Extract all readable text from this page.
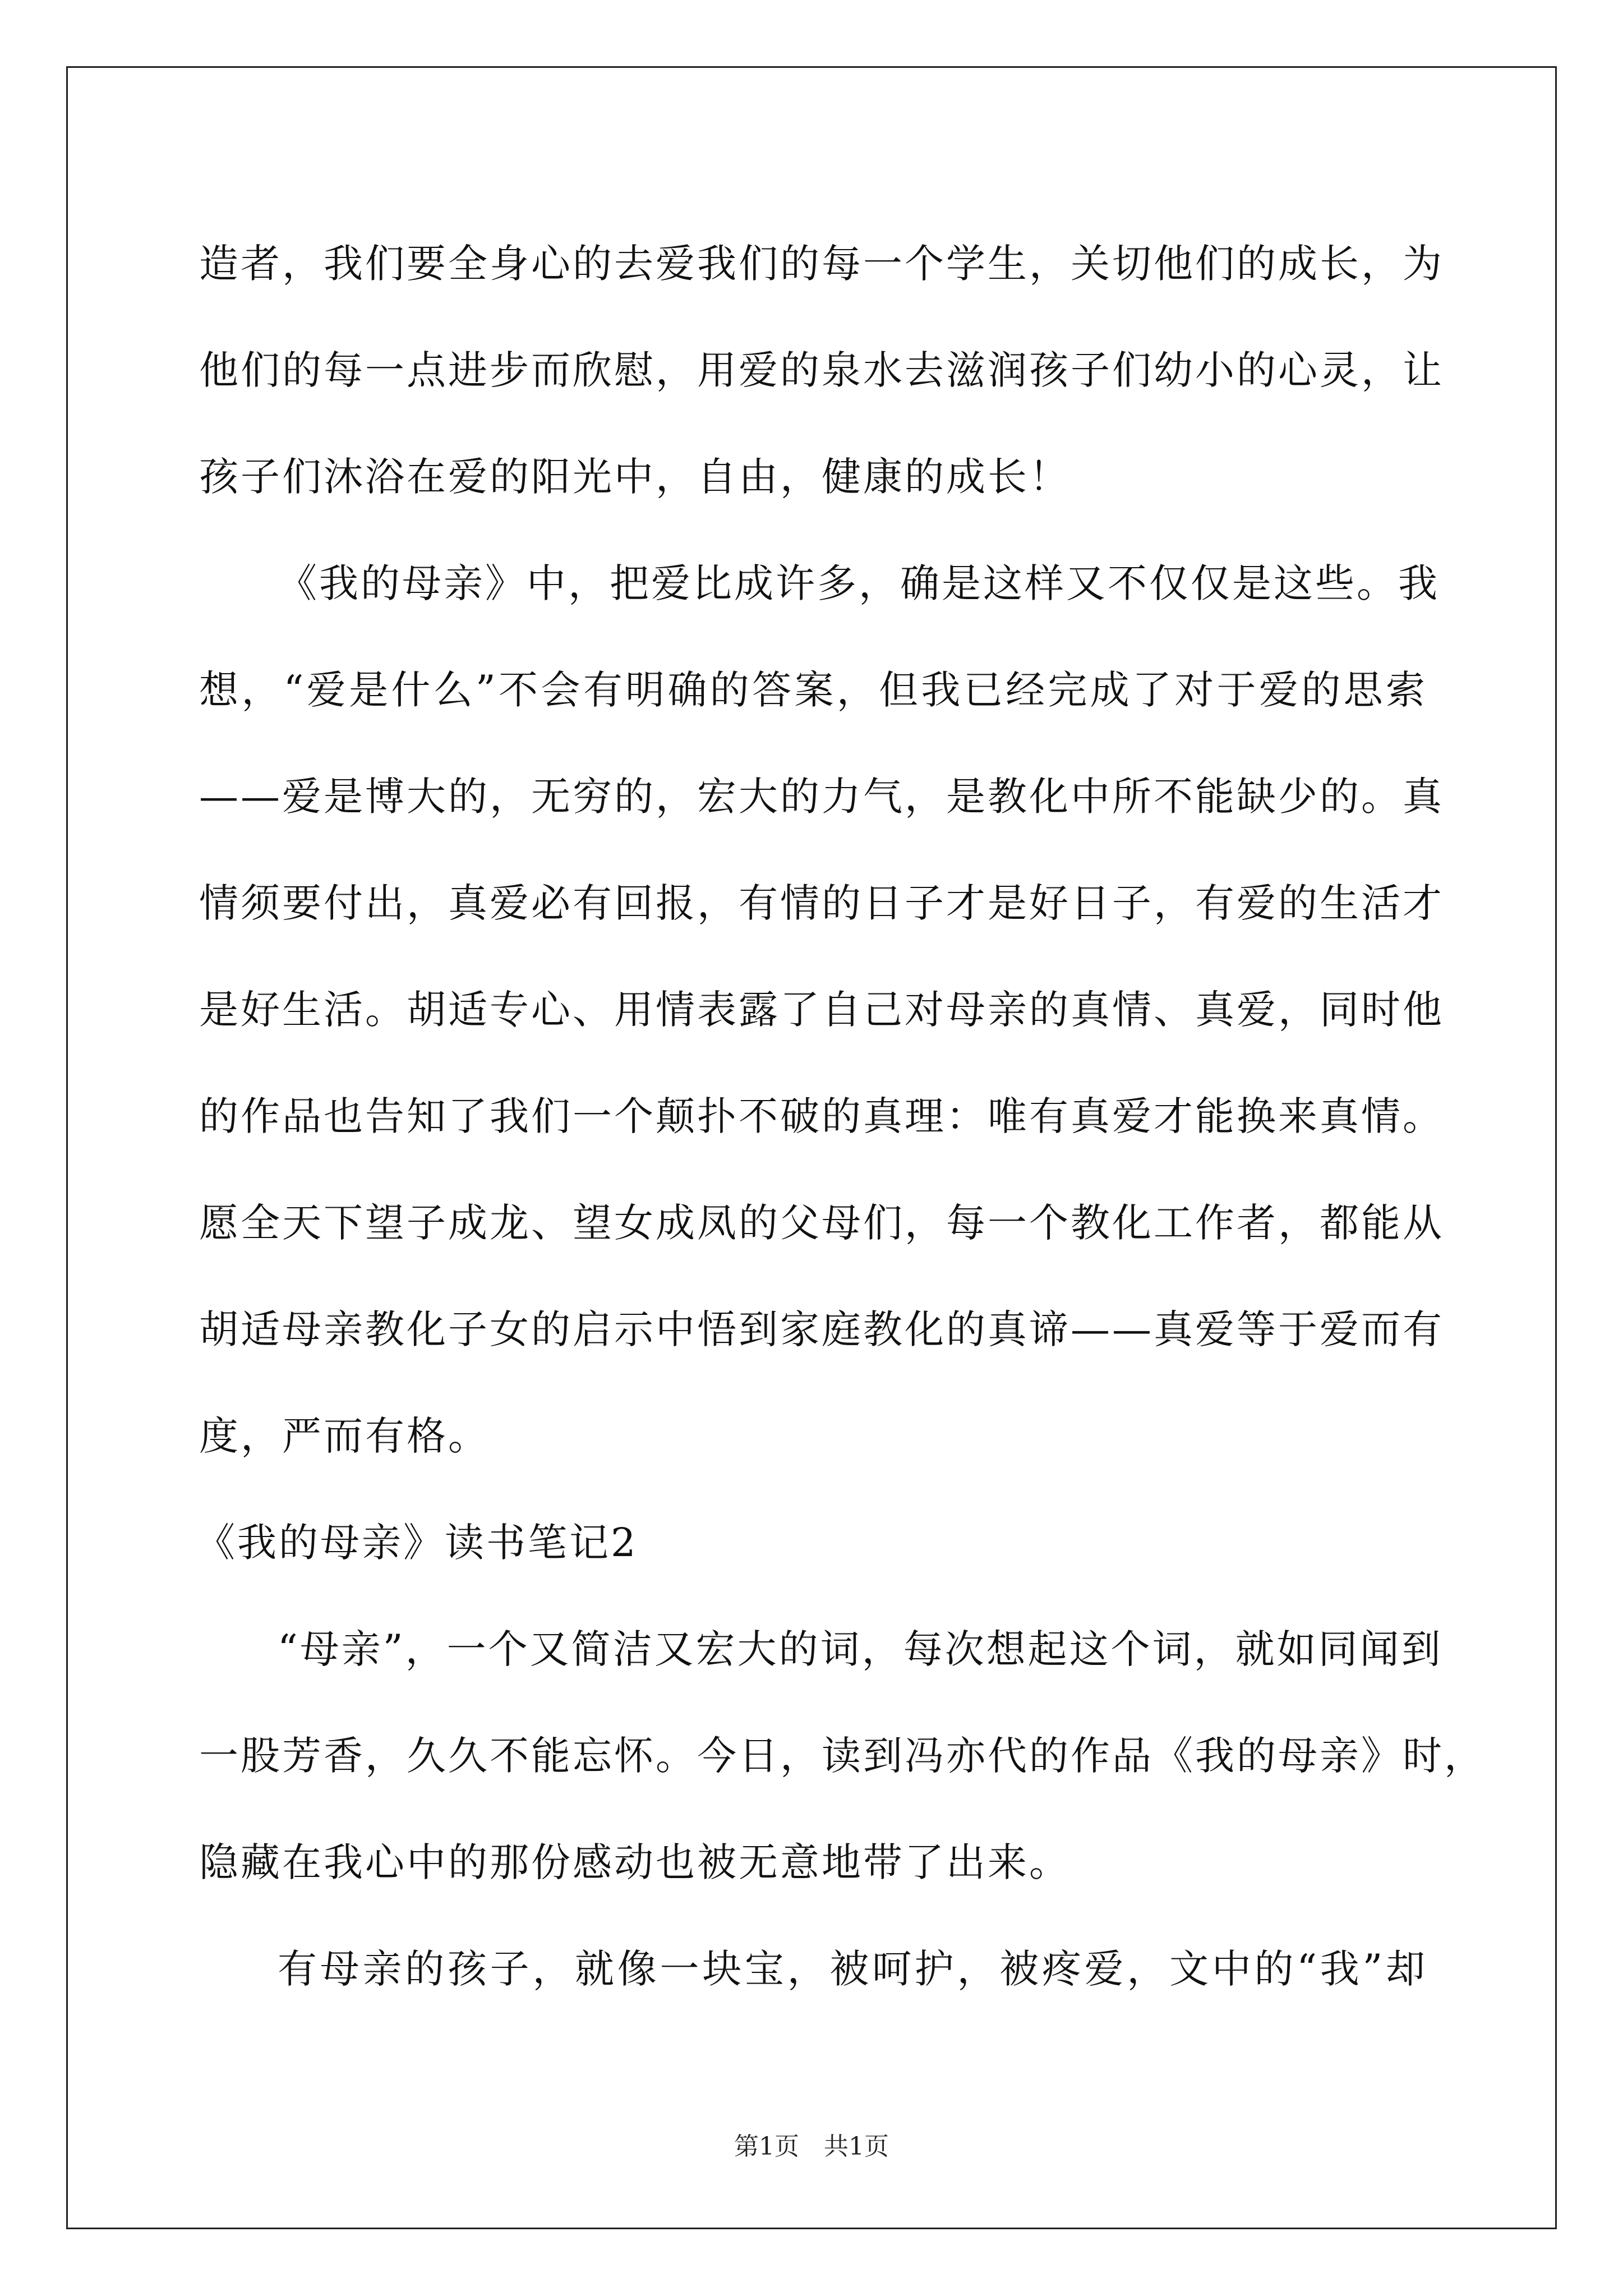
造者，我们要全身心的去爱我们的每一个学生，关切他们的成长，为
他们的每一点进步而欣慰，用爱的泉水去滋润孩子们幼小的心灵，让
孩子们沐浴在爱的阳光中，自由，健康的成长！
《我的母亲》中，把爱比成许多，确是这样又不仅仅是这些。我
想，“爱是什么”不会有明确的答案，但我已经完成了对于爱的思索
——爱是博大的，无穷的，宏大的力气，是教化中所不能缺少的。真
情须要付出，真爱必有回报，有情的日子才是好日子，有爱的生活才
是好生活。胡适专心、用情表露了自己对母亲的真情、真爱，同时他
的作品也告知了我们一个颠扑不破的真理：唯有真爱才能换来真情。
愿全天下望子成龙、望女成凤的父母们，每一个教化工作者，都能从
胡适母亲教化子女的启示中悟到家庭教化的真谛——真爱等于爱而有
度，严而有格。
《我的母亲》读书笔记2
“母亲”，一个又简洁又宏大的词，每次想起这个词，就如同闻到
一股芳香，久久不能忘怀。今日，读到冯亦代的作品《我的母亲》时，
隐藏在我心中的那份感动也被无意地带了出来。
有母亲的孩子，就像一块宝，被呵护，被疼爱，文中的“我”却
第1页　共1页
